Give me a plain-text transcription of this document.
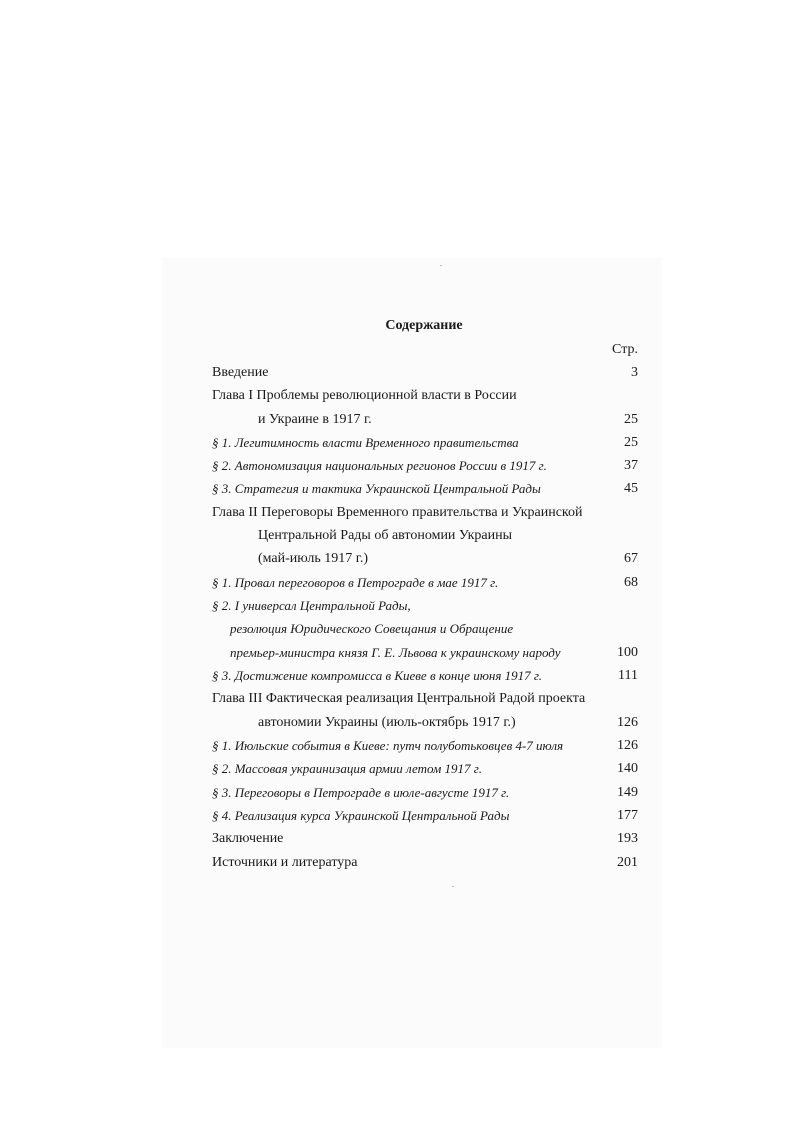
Содержание
Стр.
Введение	3
Глава I Проблемы революционной власти в России
и Украине в 1917 г.	25
§ 1. Легитимность власти Временного правительства	25
§ 2. Автономизация национальных регионов России в 1917 г.	37
§ 3. Стратегия и тактика Украинской Центральной Рады	45
Глава II Переговоры Временного правительства и Украинской
Центральной Рады об автономии Украины
(май-июль 1917 г.)	67
§ 1. Провал переговоров в Петрограде в мае 1917 г.	68
§ 2. I универсал Центральной Рады,
резолюция Юридического Совещания и Обращение
премьер-министра князя Г. Е. Львова к украинскому народу	100
§ 3. Достижение компромисса в Киеве в конце июня 1917 г.	111
Глава III Фактическая реализация Центральной Радой проекта
автономии Украины (июль-октябрь 1917 г.)	126
§ 1. Июльские события в Киеве: путч полуботьковцев 4-7 июля	126
§ 2. Массовая украинизация армии летом 1917 г.	140
§ 3. Переговоры в Петрограде в июле-августе 1917 г.	149
§ 4. Реализация курса Украинской Центральной Рады	177
Заключение	193
Источники и литература	201
